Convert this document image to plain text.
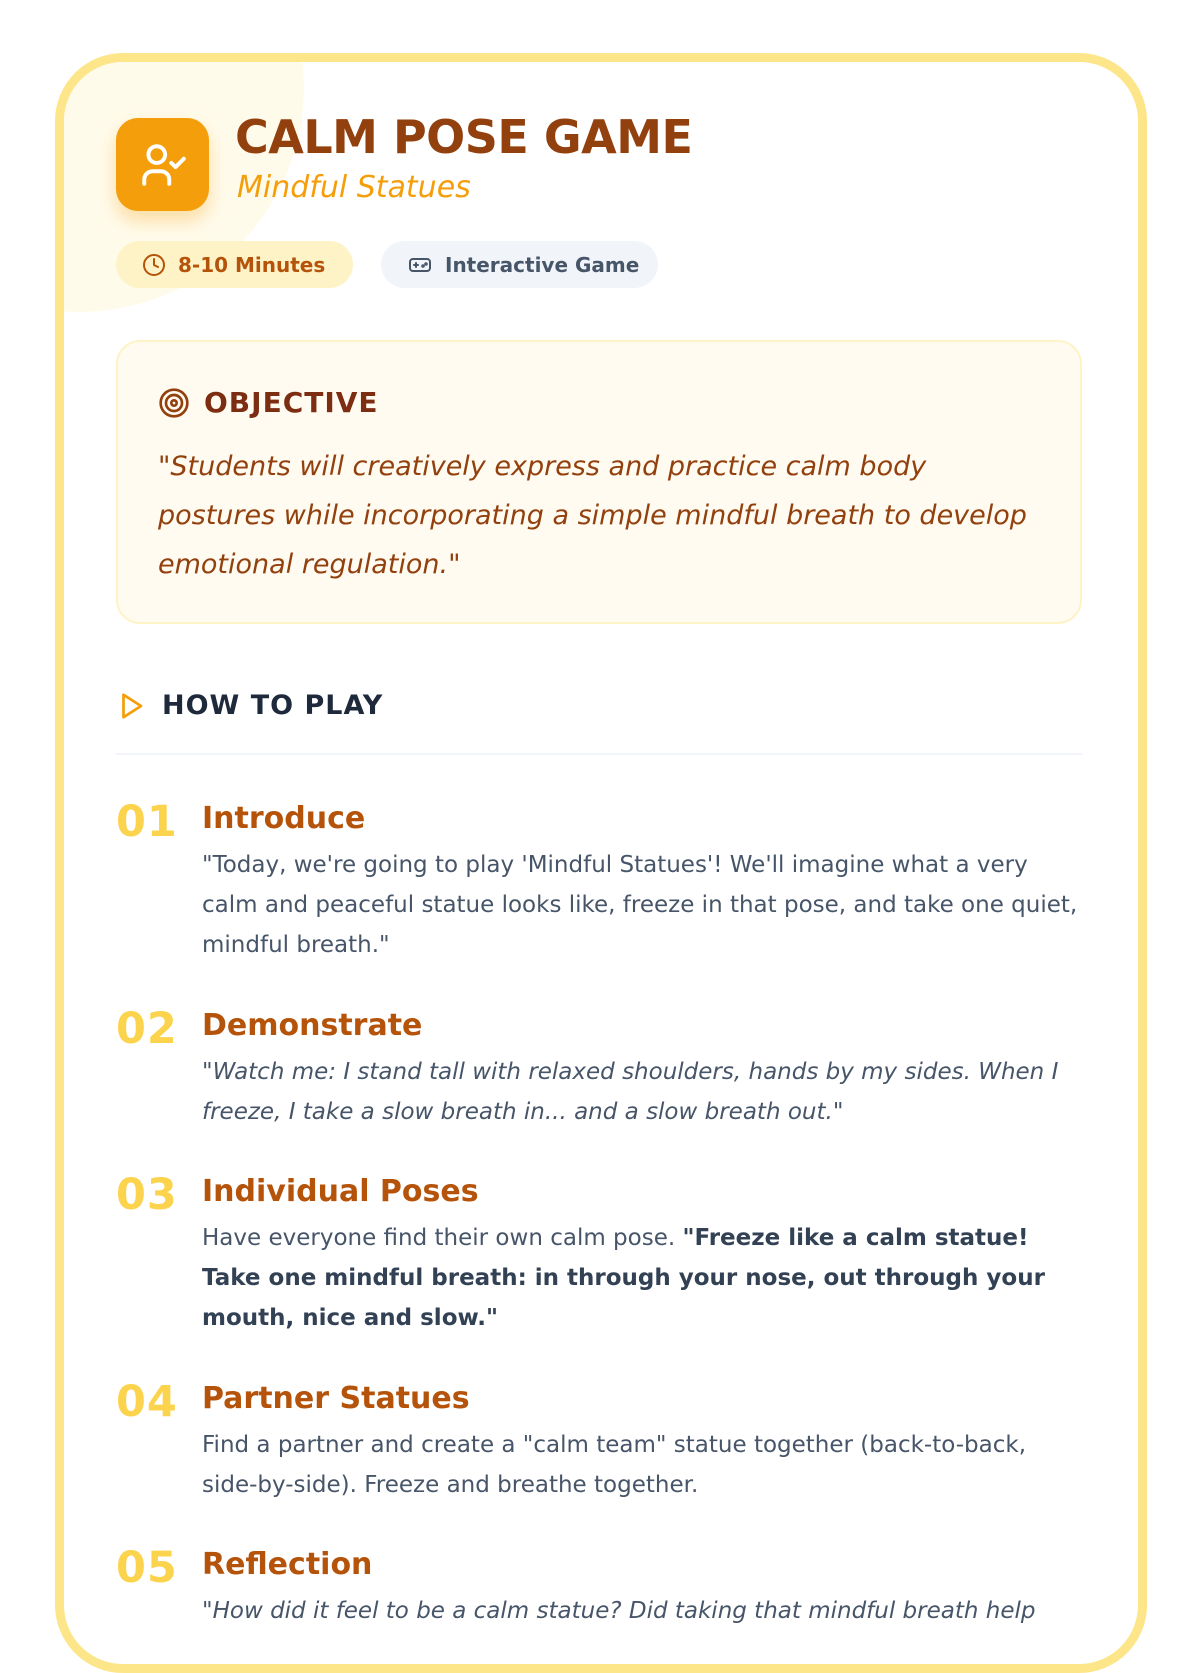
CALM POSE GAME
Mindful Statues
8-10 Minutes	Interactive Game
OBJECTIVE
"Students will creatively express and practice calm body postures while incorporating a simple mindful breath to develop emotional regulation."
HOW TO PLAY
01 Introduce
"Today, we're going to play 'Mindful Statues'! We'll imagine what a very calm and peaceful statue looks like, freeze in that pose, and take one quiet, mindful breath."
02 Demonstrate
"Watch me: I stand tall with relaxed shoulders, hands by my sides. When I freeze, I take a slow breath in... and a slow breath out."
03 Individual Poses
Have everyone find their own calm pose. "Freeze like a calm statue! Take one mindful breath: in through your nose, out through your mouth, nice and slow."
04 Partner Statues
Find a partner and create a "calm team" statue together (back-to-back, side-by-side). Freeze and breathe together.
05 Reflection
"How did it feel to be a calm statue? Did taking that mindful breath help
